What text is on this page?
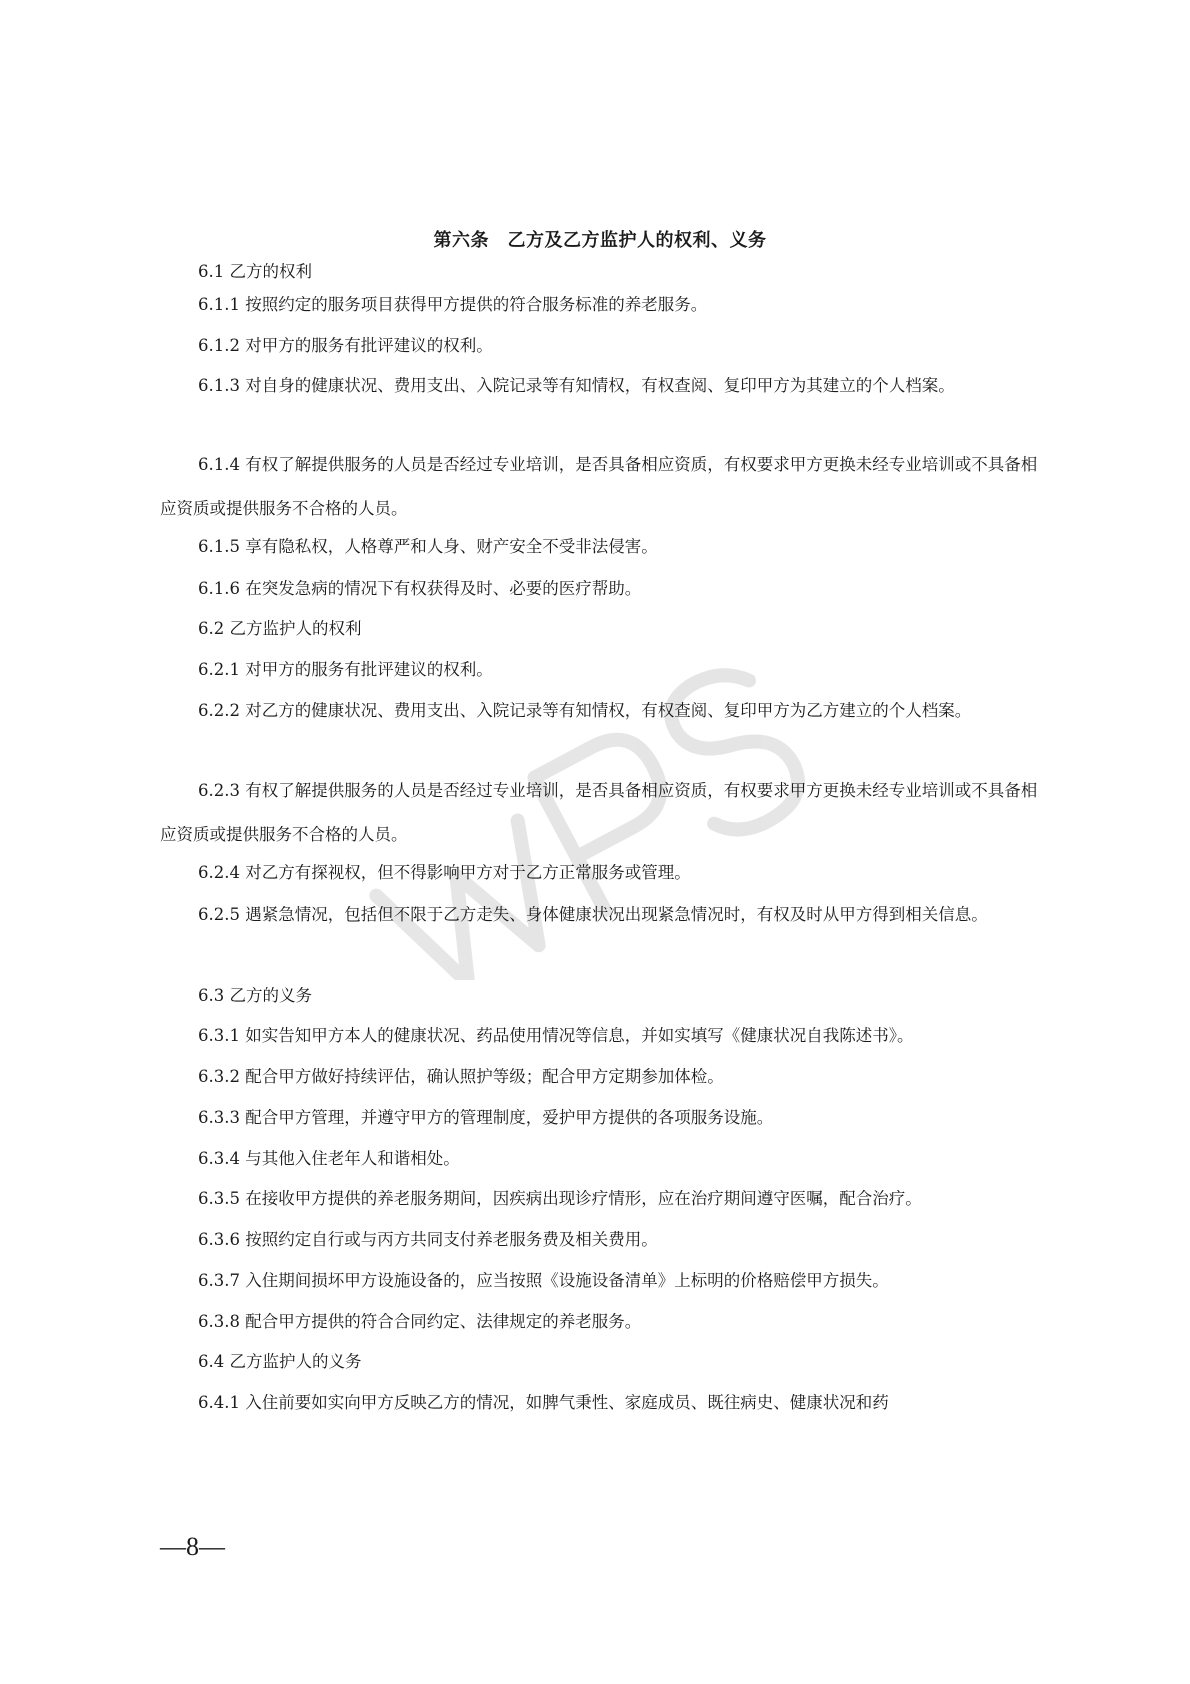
第六条　乙方及乙方监护人的权利、义务
6.1 乙方的权利
6.1.1 按照约定的服务项目获得甲方提供的符合服务标准的养老服务。
6.1.2 对甲方的服务有批评建议的权利。
6.1.3 对自身的健康状况、费用支出、入院记录等有知情权，有权查阅、复印甲方为其建立的个人档案。
6.1.4 有权了解提供服务的人员是否经过专业培训，是否具备相应资质，有权要求甲方更换未经专业培训或不具备相应资质或提供服务不合格的人员。
6.1.5 享有隐私权，人格尊严和人身、财产安全不受非法侵害。
6.1.6 在突发急病的情况下有权获得及时、必要的医疗帮助。
6.2 乙方监护人的权利
6.2.1 对甲方的服务有批评建议的权利。
6.2.2 对乙方的健康状况、费用支出、入院记录等有知情权，有权查阅、复印甲方为乙方建立的个人档案。
6.2.3 有权了解提供服务的人员是否经过专业培训，是否具备相应资质，有权要求甲方更换未经专业培训或不具备相应资质或提供服务不合格的人员。
6.2.4 对乙方有探视权，但不得影响甲方对于乙方正常服务或管理。
6.2.5 遇紧急情况，包括但不限于乙方走失、身体健康状况出现紧急情况时，有权及时从甲方得到相关信息。
6.3 乙方的义务
6.3.1 如实告知甲方本人的健康状况、药品使用情况等信息，并如实填写《健康状况自我陈述书》。
6.3.2 配合甲方做好持续评估，确认照护等级；配合甲方定期参加体检。
6.3.3 配合甲方管理，并遵守甲方的管理制度，爱护甲方提供的各项服务设施。
6.3.4 与其他入住老年人和谐相处。
6.3.5 在接收甲方提供的养老服务期间，因疾病出现诊疗情形，应在治疗期间遵守医嘱，配合治疗。
6.3.6 按照约定自行或与丙方共同支付养老服务费及相关费用。
6.3.7 入住期间损坏甲方设施设备的，应当按照《设施设备清单》上标明的价格赔偿甲方损失。
6.3.8 配合甲方提供的符合合同约定、法律规定的养老服务。
6.4 乙方监护人的义务
6.4.1 入住前要如实向甲方反映乙方的情况，如脾气秉性、家庭成员、既往病史、健康状况和药
—8—
